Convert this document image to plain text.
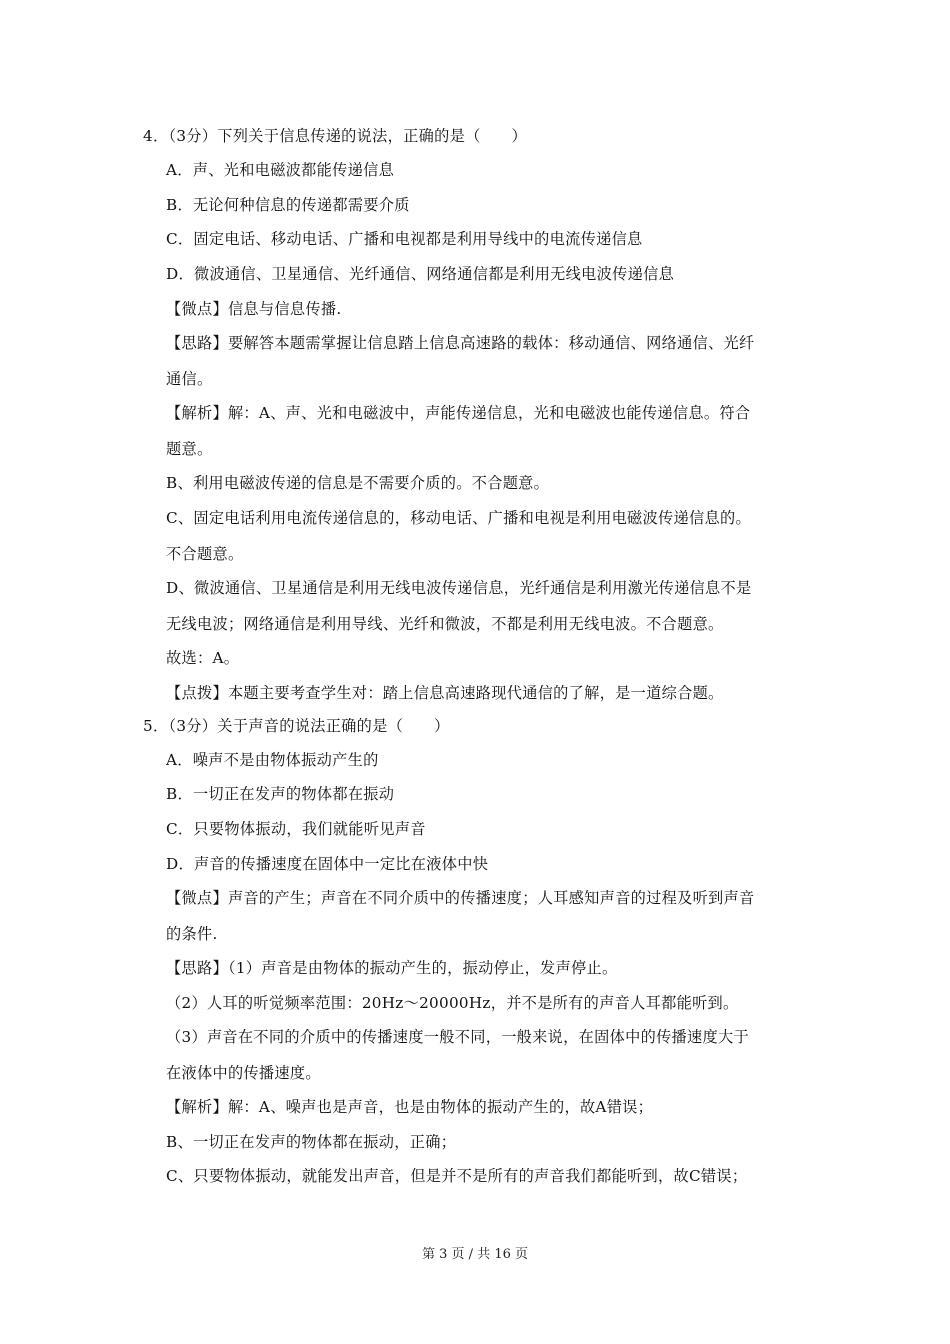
4．（3分）下列关于信息传递的说法，正确的是（　　）
A．声、光和电磁波都能传递信息
B．无论何种信息的传递都需要介质
C．固定电话、移动电话、广播和电视都是利用导线中的电流传递信息
D．微波通信、卫星通信、光纤通信、网络通信都是利用无线电波传递信息
【微点】信息与信息传播.
【思路】要解答本题需掌握让信息踏上信息高速路的载体：移动通信、网络通信、光纤
通信。
【解析】解：A、声、光和电磁波中，声能传递信息，光和电磁波也能传递信息。符合
题意。
B、利用电磁波传递的信息是不需要介质的。不合题意。
C、固定电话利用电流传递信息的，移动电话、广播和电视是利用电磁波传递信息的。
不合题意。
D、微波通信、卫星通信是利用无线电波传递信息，光纤通信是利用激光传递信息不是
无线电波；网络通信是利用导线、光纤和微波，不都是利用无线电波。不合题意。
故选：A。
【点拨】本题主要考查学生对：踏上信息高速路现代通信的了解，是一道综合题。
5．（3分）关于声音的说法正确的是（　　）
A．噪声不是由物体振动产生的
B．一切正在发声的物体都在振动
C．只要物体振动，我们就能听见声音
D．声音的传播速度在固体中一定比在液体中快
【微点】声音的产生；声音在不同介质中的传播速度；人耳感知声音的过程及听到声音
的条件.
【思路】（1）声音是由物体的振动产生的，振动停止，发声停止。
（2）人耳的听觉频率范围：20Hz～20000Hz，并不是所有的声音人耳都能听到。
（3）声音在不同的介质中的传播速度一般不同，一般来说，在固体中的传播速度大于
在液体中的传播速度。
【解析】解：A、噪声也是声音，也是由物体的振动产生的，故A错误；
B、一切正在发声的物体都在振动，正确；
C、只要物体振动，就能发出声音，但是并不是所有的声音我们都能听到，故C错误；
第 3 页 / 共 16 页
